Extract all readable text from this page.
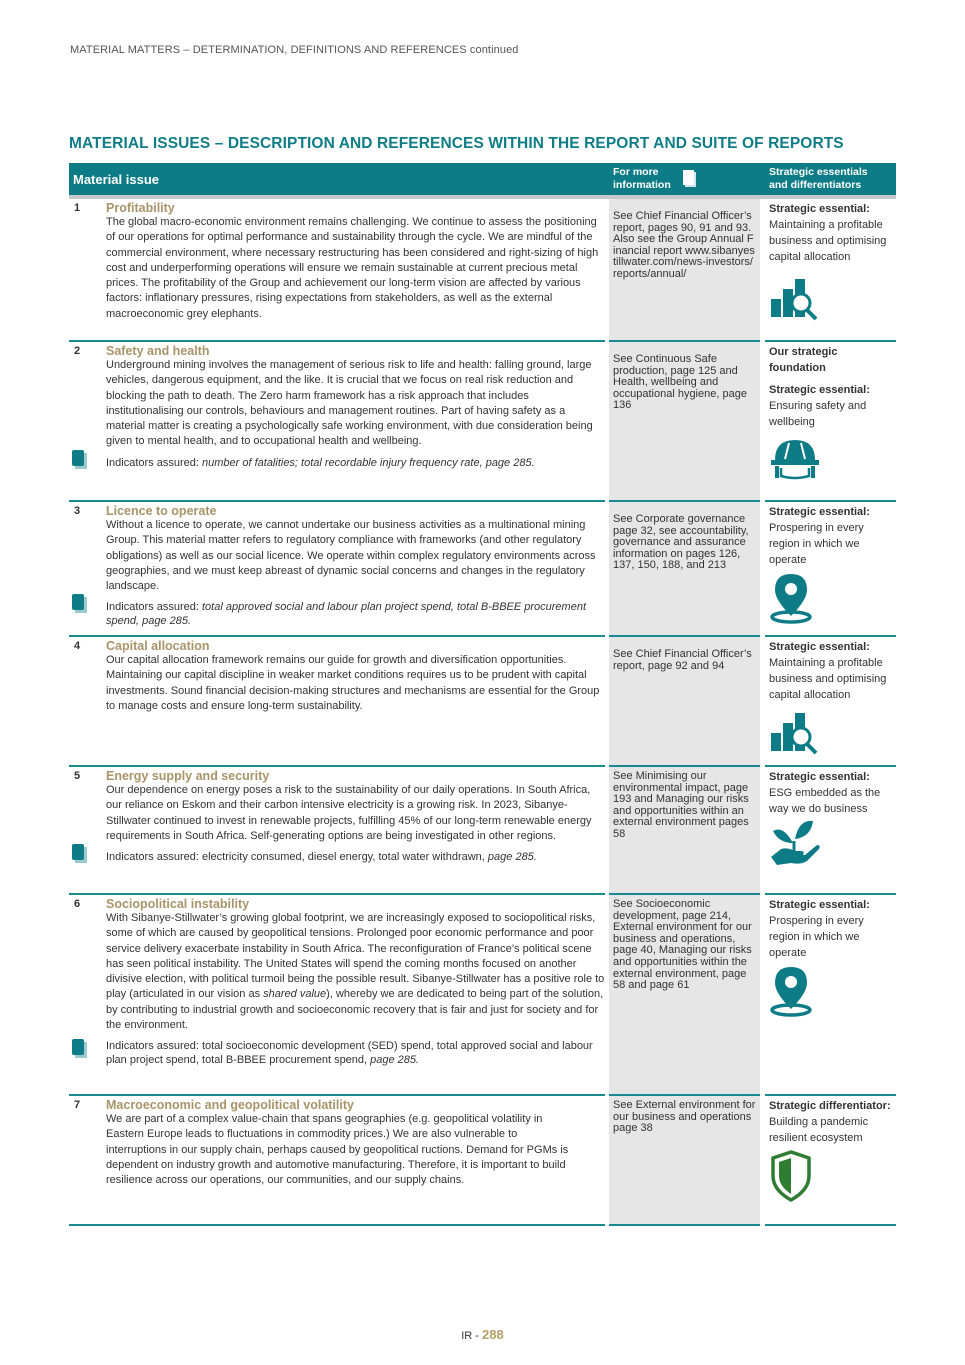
MATERIAL MATTERS – DETERMINATION, DEFINITIONS AND REFERENCES continued
MATERIAL ISSUES – DESCRIPTION AND REFERENCES WITHIN THE REPORT AND SUITE OF REPORTS
Material issue	For more
information
Strategic essentials
and differentiators
1 Profitability
The global macro-economic environment remains challenging. We continue to assess the positioning of our operations for optimal performance and sustainability through the cycle. We are mindful of the commercial environment, where necessary restructuring has been considered and right-sizing of high cost and underperforming operations will ensure we remain sustainable at current precious metal prices. The profitability of the Group and achievement our long-term vision are affected by various factors: inflationary pressures, rising expectations from stakeholders, as well as the external macroeconomic grey elephants.
See Chief Financial Officer’s report, pages 90, 91 and 93. Also see the Group Annual Financial report www.sibanyestillwater.com/news-investors/reports/annual/
Strategic essential:
Maintaining a profitable business and optimising capital allocation
2 Safety and health
Underground mining involves the management of serious risk to life and health: falling ground, large vehicles, dangerous equipment, and the like. It is crucial that we focus on real risk reduction and blocking the path to death. The Zero harm framework has a risk approach that includes institutionalising our controls, behaviours and management routines. Part of having safety as a material matter is creating a psychologically safe working environment, with due consideration being given to mental health, and to occupational health and wellbeing.
Indicators assured: number of fatalities; total recordable injury frequency rate, page 285.
See Continuous Safe production, page 125 and Health, wellbeing and occupational hygiene, page 136
Our strategic foundation
Strategic essential:
Ensuring safety and wellbeing
3 Licence to operate
Without a licence to operate, we cannot undertake our business activities as a multinational mining Group. This material matter refers to regulatory compliance with frameworks (and other regulatory obligations) as well as our social licence. We operate within complex regulatory environments across geographies, and we must keep abreast of dynamic social concerns and changes in the regulatory landscape.
Indicators assured: total approved social and labour plan project spend, total B-BBEE procurement spend, page 285.
See Corporate governance page 32, see accountability, governance and assurance information on pages 126, 137, 150, 188, and 213
Strategic essential:
Prospering in every region in which we operate
4 Capital allocation
Our capital allocation framework remains our guide for growth and diversification opportunities. Maintaining our capital discipline in weaker market conditions requires us to be prudent with capital investments. Sound financial decision-making structures and mechanisms are essential for the Group to manage costs and ensure long-term sustainability.
See Chief Financial Officer’s report, page 92 and 94
Strategic essential:
Maintaining a profitable business and optimising capital allocation
5 Energy supply and security
Our dependence on energy poses a risk to the sustainability of our daily operations. In South Africa, our reliance on Eskom and their carbon intensive electricity is a growing risk. In 2023, Sibanye-Stillwater continued to invest in renewable projects, fulfilling 45% of our long-term renewable energy requirements in South Africa. Self-generating options are being investigated in other regions.
Indicators assured: electricity consumed, diesel energy, total water withdrawn, page 285.
See Minimising our environmental impact, page 193 and Managing our risks and opportunities within an external environment pages 58
Strategic essential:
ESG embedded as the way we do business
6 Sociopolitical instability
With Sibanye-Stillwater’s growing global footprint, we are increasingly exposed to sociopolitical risks, some of which are caused by geopolitical tensions. Prolonged poor economic performance and poor service delivery exacerbate instability in South Africa. The reconfiguration of France’s political scene has seen political instability. The United States will spend the coming months focused on another divisive election, with political turmoil being the possible result. Sibanye-Stillwater has a positive role to play (articulated in our vision as shared value), whereby we are dedicated to being part of the solution, by contributing to industrial growth and socioeconomic recovery that is fair and just for society and for the environment.
Indicators assured: total socioeconomic development (SED) spend, total approved social and labour plan project spend, total B-BBEE procurement spend, page 285.
See Socioeconomic development, page 214, External environment for our business and operations, page 40, Managing our risks and opportunities within the external environment, page 58 and page 61
Strategic essential:
Prospering in every region in which we operate
7 Macroeconomic and geopolitical volatility
We are part of a complex value-chain that spans geographies (e.g. geopolitical volatility in Eastern Europe leads to fluctuations in commodity prices.) We are also vulnerable to interruptions in our supply chain, perhaps caused by geopolitical ructions. Demand for PGMs is dependent on industry growth and automotive manufacturing. Therefore, it is important to build resilience across our operations, our communities, and our supply chains.
See External environment for our business and operations page 38
Strategic differentiator:
Building a pandemic resilient ecosystem
IR - 288
